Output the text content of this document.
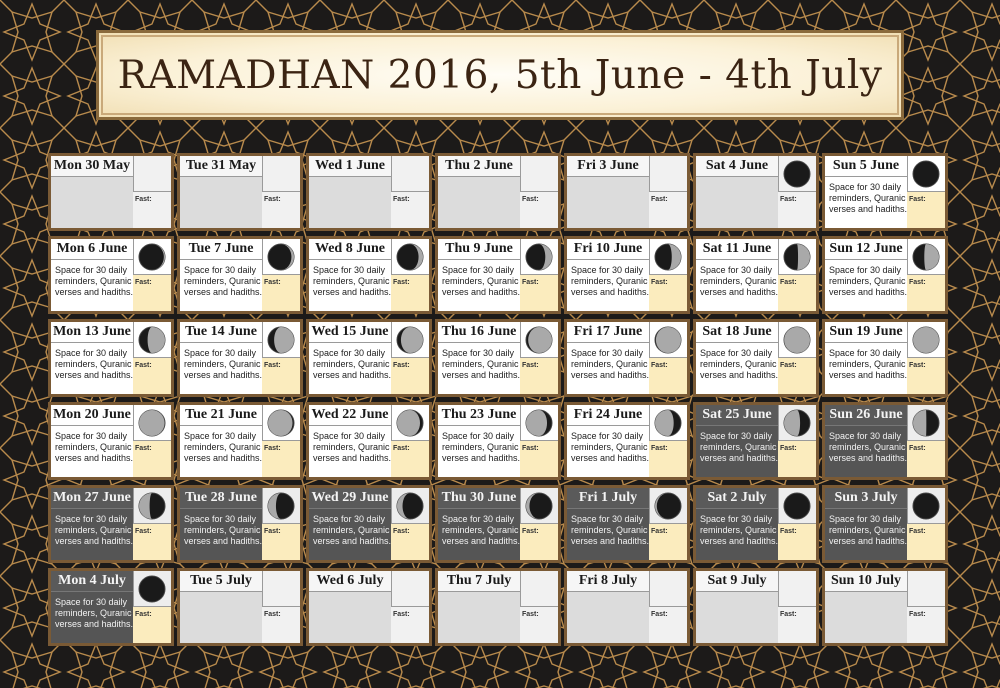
RAMADHAN 2016, 5th June - 4th July
Mon 30 May
Fast:
Tue 31 May
Fast:
Wed 1 June
Fast:
Thu 2 June
Fast:
Fri 3 June
Fast:
Sat 4 June
Fast:
Sun 5 June
Space for 30 daily reminders, Quranic verses and hadiths.
Fast:
Mon 6 June
Space for 30 daily reminders, Quranic verses and hadiths.
Fast:
Tue 7 June
Space for 30 daily reminders, Quranic verses and hadiths.
Fast:
Wed 8 June
Space for 30 daily reminders, Quranic verses and hadiths.
Fast:
Thu 9 June
Space for 30 daily reminders, Quranic verses and hadiths.
Fast:
Fri 10 June
Space for 30 daily reminders, Quranic verses and hadiths.
Fast:
Sat 11 June
Space for 30 daily reminders, Quranic verses and hadiths.
Fast:
Sun 12 June
Space for 30 daily reminders, Quranic verses and hadiths.
Fast:
Mon 13 June
Space for 30 daily reminders, Quranic verses and hadiths.
Fast:
Tue 14 June
Space for 30 daily reminders, Quranic verses and hadiths.
Fast:
Wed 15 June
Space for 30 daily reminders, Quranic verses and hadiths.
Fast:
Thu 16 June
Space for 30 daily reminders, Quranic verses and hadiths.
Fast:
Fri 17 June
Space for 30 daily reminders, Quranic verses and hadiths.
Fast:
Sat 18 June
Space for 30 daily reminders, Quranic verses and hadiths.
Fast:
Sun 19 June
Space for 30 daily reminders, Quranic verses and hadiths.
Fast:
Mon 20 June
Space for 30 daily reminders, Quranic verses and hadiths.
Fast:
Tue 21 June
Space for 30 daily reminders, Quranic verses and hadiths.
Fast:
Wed 22 June
Space for 30 daily reminders, Quranic verses and hadiths.
Fast:
Thu 23 June
Space for 30 daily reminders, Quranic verses and hadiths.
Fast:
Fri 24 June
Space for 30 daily reminders, Quranic verses and hadiths.
Fast:
Sat 25 June
Space for 30 daily reminders, Quranic verses and hadiths.
Fast:
Sun 26 June
Space for 30 daily reminders, Quranic verses and hadiths.
Fast:
Mon 27 June
Space for 30 daily reminders, Quranic verses and hadiths.
Fast:
Tue 28 June
Space for 30 daily reminders, Quranic verses and hadiths.
Fast:
Wed 29 June
Space for 30 daily reminders, Quranic verses and hadiths.
Fast:
Thu 30 June
Space for 30 daily reminders, Quranic verses and hadiths.
Fast:
Fri 1 July
Space for 30 daily reminders, Quranic verses and hadiths.
Fast:
Sat 2 July
Space for 30 daily reminders, Quranic verses and hadiths.
Fast:
Sun 3 July
Space for 30 daily reminders, Quranic verses and hadiths.
Fast:
Mon 4 July
Space for 30 daily reminders, Quranic verses and hadiths.
Fast:
Tue 5 July
Fast:
Wed 6 July
Fast:
Thu 7 July
Fast:
Fri 8 July
Fast:
Sat 9 July
Fast:
Sun 10 July
Fast:
